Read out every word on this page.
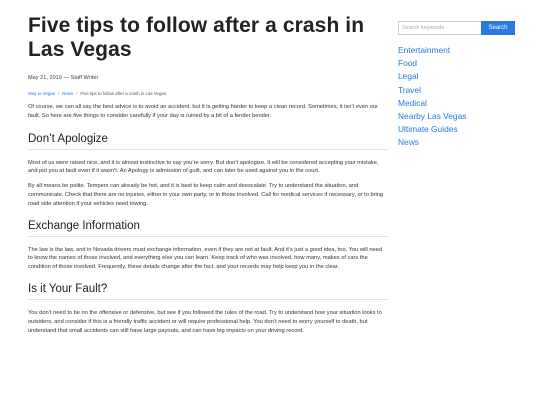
Five tips to follow after a crash in Las Vegas
May 21, 2019 — Staff Writer
Way to Vegas / News / Five tips to follow after a crash in Las Vegas

Of course, we can all say the best advice is to avoid an accident, but it is getting harder to keep a clean record. Sometimes, it isn’t even our fault. So here are five things to consider carefully if your day is ruined by a bit of a fender bender.

Don’t Apologize

Most of us were raised nice, and it is almost instinctive to say you’re sorry. But don’t apologize. It will be considered accepting your mistake, and put you at fault even if it wasn’t. An Apology is admission of guilt, and can later be used against you in the court.

By all means be polite. Tempers can already be hot, and it is best to keep calm and deescalate. Try to understand the situation, and communicate. Check that there are no injuries, either in your own party, or in those involved. Call for medical services if necessary, or to bring road side attention if your vehicles need towing.

Exchange Information

The law is the law, and in Nevada drivers must exchange information, even if they are not at fault. And it’s just a good idea, too. You will need to know the names of those involved, and everything else you can learn. Keep track of who was involved, how many, makes of cars the condition of those involved. Frequently, these details change after the fact, and your records may help keep you in the clear.

Is it Your Fault?

You don’t need to be on the offensive or defensive, but see if you followed the rules of the road. Try to understand how your situation looks to outsiders, and consider if this is a friendly traffic accident or will require professional help. You don’t need to worry yourself to death, but understand that small accidents can still have large payouts, and can have big impacts on your driving record.

Search keywords
Search
Entertainment
Food
Legal
Travel
Medical
Nearby Las Vegas
Ultimate Guides
News
